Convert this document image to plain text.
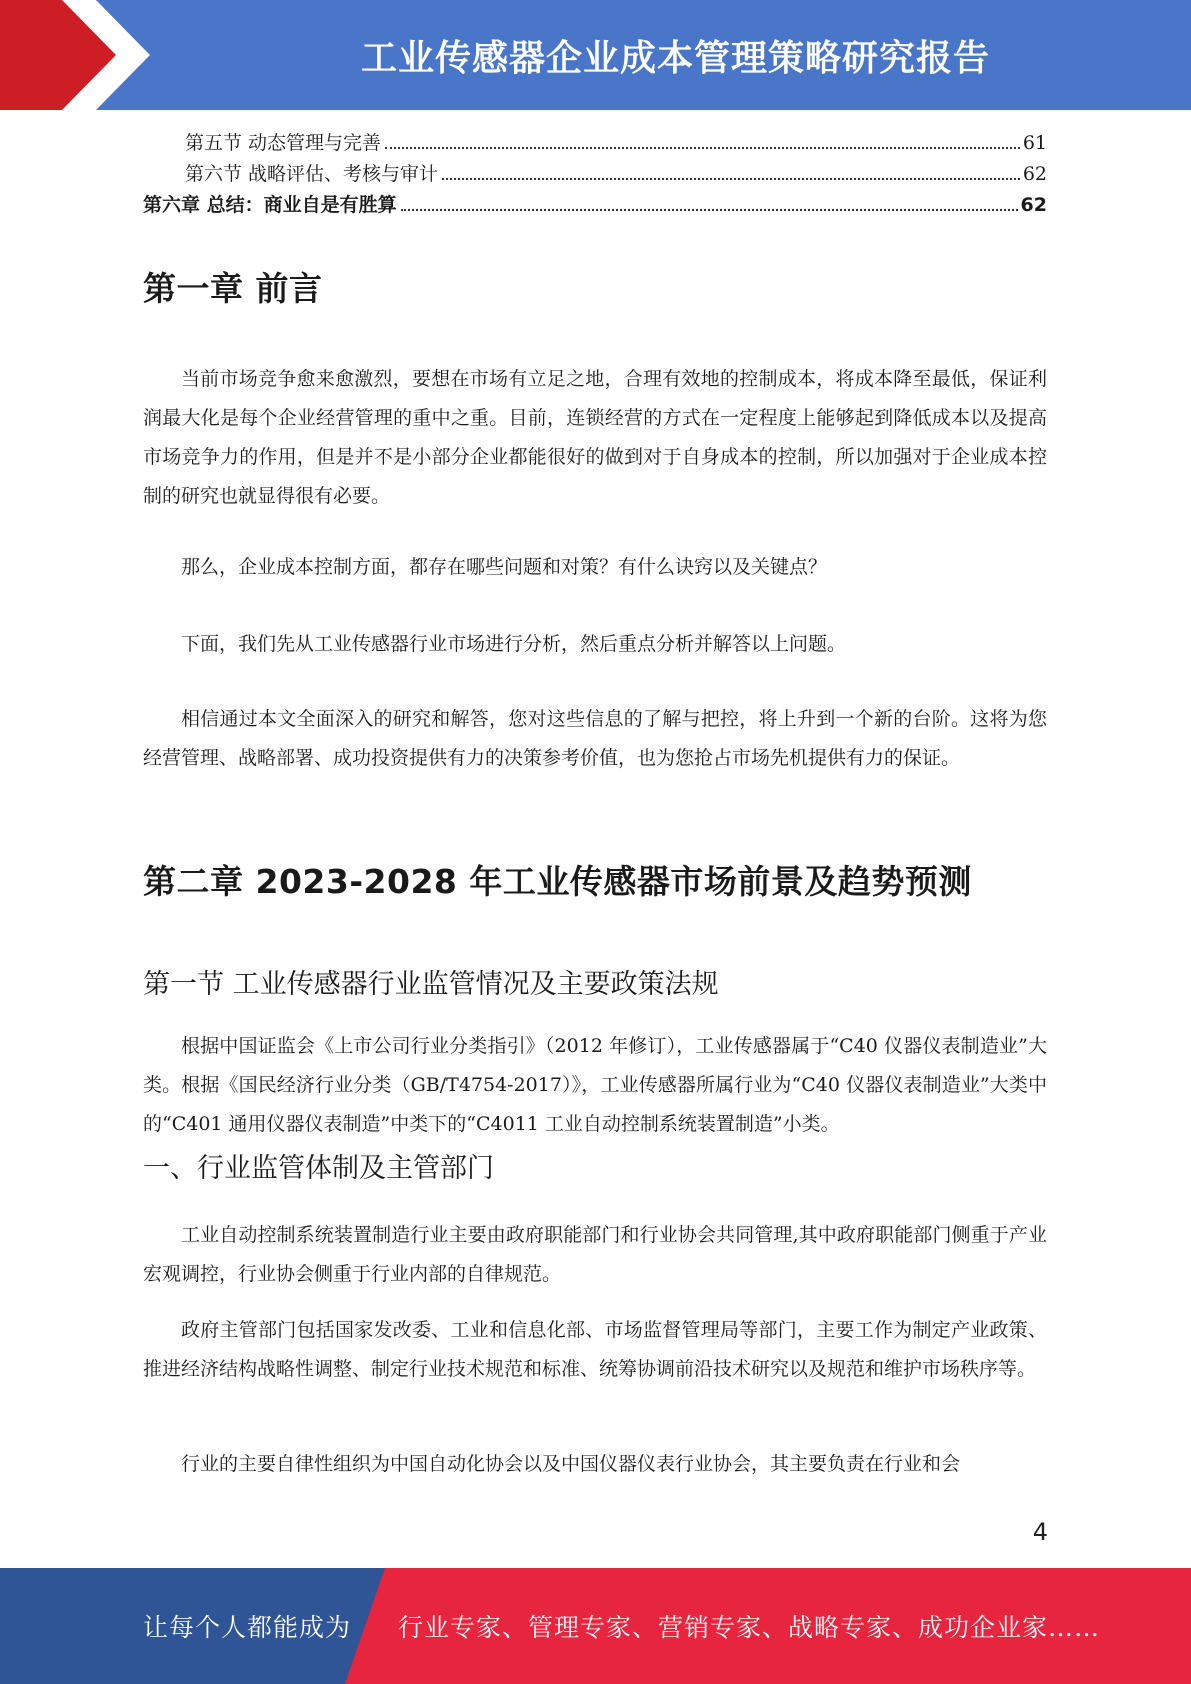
工业传感器企业成本管理策略研究报告
第五节 动态管理与完善	61
第六节 战略评估、考核与审计	62
第六章 总结：商业自是有胜算	62
第一章 前言

当前市场竞争愈来愈激烈，要想在市场有立足之地，合理有效地的控制成本，将成本降至最低，保证利润最大化是每个企业经营管理的重中之重。目前，连锁经营的方式在一定程度上能够起到降低成本以及提高市场竞争力的作用，但是并不是小部分企业都能很好的做到对于自身成本的控制，所以加强对于企业成本控制的研究也就显得很有必要。

那么，企业成本控制方面，都存在哪些问题和对策？有什么诀窍以及关键点？

下面，我们先从工业传感器行业市场进行分析，然后重点分析并解答以上问题。

相信通过本文全面深入的研究和解答，您对这些信息的了解与把控，将上升到一个新的台阶。这将为您经营管理、战略部署、成功投资提供有力的决策参考价值，也为您抢占市场先机提供有力的保证。

第二章 2023-2028 年工业传感器市场前景及趋势预测
第一节 工业传感器行业监管情况及主要政策法规

根据中国证监会《上市公司行业分类指引》（2012 年修订），工业传感器属于“C40 仪器仪表制造业”大类。根据《国民经济行业分类（GB/T4754-2017）》，工业传感器所属行业为“C40 仪器仪表制造业”大类中的“C401 通用仪器仪表制造”中类下的“C4011 工业自动控制系统装置制造”小类。

一、行业监管体制及主管部门

工业自动控制系统装置制造行业主要由政府职能部门和行业协会共同管理,其中政府职能部门侧重于产业宏观调控，行业协会侧重于行业内部的自律规范。

政府主管部门包括国家发改委、工业和信息化部、市场监督管理局等部门，主要工作为制定产业政策、推进经济结构战略性调整、制定行业技术规范和标准、统筹协调前沿技术研究以及规范和维护市场秩序等。

行业的主要自律性组织为中国自动化协会以及中国仪器仪表行业协会，其主要负责在行业和会

4
让每个人都能成为 行业专家、管理专家、营销专家、战略专家、成功企业家……
